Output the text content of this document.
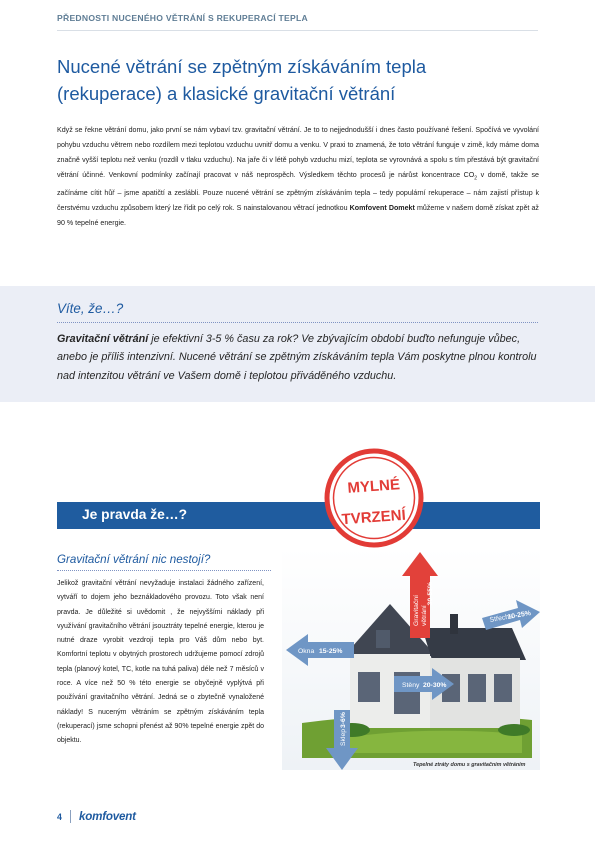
PŘEDNOSTI NUCENÉHO VĚTRÁNÍ S REKUPERACÍ TEPLA
Nucené větrání se zpětným získáváním tepla
(rekuperace) a klasické gravitační větrání

Když se řekne větrání domu, jako první se nám vybaví tzv. gravitační větrání. Je to to nejjednodušší i dnes často používané řešení. Spočívá ve vyvolání pohybu vzduchu větrem nebo rozdílem mezi teplotou vzduchu uvnitř domu a venku. V praxi to znamená, že toto větrání funguje v zimě, kdy máme doma značně vyšší teplotu než venku (rozdíl v tlaku vzduchu). Na jaře či v létě pohyb vzduchu mizí, teplota se vyrovnává a spolu s tím přestává být gravitační větrání účinné. Venkovní podmínky začínají pracovat v náš neprospěch. Výsledkem těchto procesů je nárůst koncentrace $CO_2$ v domě, takže se začínáme cítit hůř – jsme apatičtí a zeslábli. Pouze nucené větrání se zpětným získáváním tepla – tedy populární rekuperace – nám zajistí přístup k čerstvému vzduchu způsobem který lze řídit po celý rok. S nainstalovanou větrací jednotkou Komfovent Domekt můžeme v našem domě získat zpět až 90 % tepelné energie.

Víte, že…?

Gravitační větrání je efektivní 3-5 % času za rok? Ve zbývajícím období buďto nefunguje vůbec, anebo je příliš intenzivní. Nucené větrání se zpětným získáváním tepla Vám poskytne plnou kontrolu nad intenzitou větrání ve Vašem domě i teplotou přiváděného vzduchu.

Je pravda že…?
MYLNÉ
TVRZENÍ
Gravitační větrání nic nestojí?

Jelikož gravitační větrání nevyžaduje instalaci žádného zařízení, vytváří to dojem jeho beznákladového provozu. Toto však není pravda. Je důležité si uvědomit , že nejvyššími náklady při využívání gravitačního větrání jsouztráty tepelné energie, kterou je nutné draze vyrobit vezdroji tepla pro Váš dům nebo byt. Komfortní teplotu v obytných prostorech udržujeme pomocí zdrojů tepla (planový kotel, TC, kotle na tuhá paliva) déle než 7 měsíců v roce. A více než 50 % této energie se obyčejně vyplýtvá při používání gravitačního větrání. Jedná se o zbytečně vynaložené náklady! S nuceným větráním se zpětným získáváním tepla (rekuperací) jsme schopni přenést až 90% tepelné energie zpět do objektu.

Gravitační větrání
30-55%
Střecha
10-25%
Okna 15-25%
Stěny 20-30%
Sklep
3-6%
Tepelné ztráty domu s gravitačním větráním
4 komfovent
